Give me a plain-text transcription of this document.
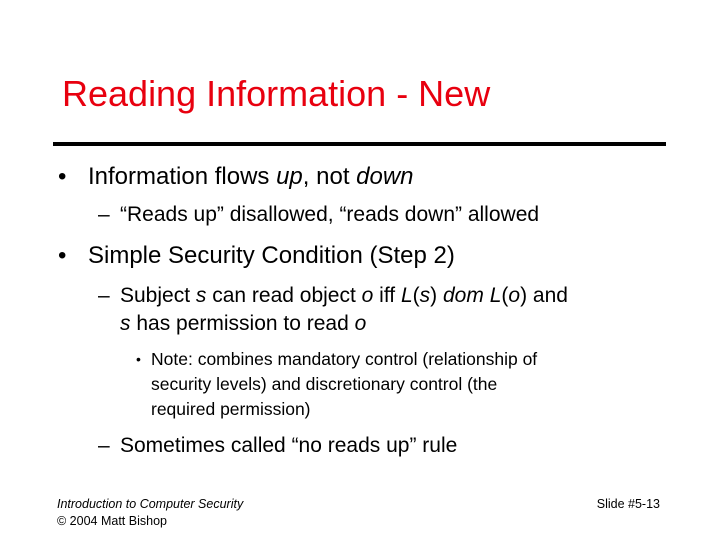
Reading Information - New
• Information flows up, not down

– “Reads up” disallowed, “reads down” allowed

• Simple Security Condition (Step 2)

– Subject s can read object o iff L(s) dom L(o) and

s has permission to read o

• Note: combines mandatory control (relationship of

security levels) and discretionary control (the

required permission)

– Sometimes called “no reads up” rule

Introduction to Computer Security
© 2004 Matt Bishop
Slide #5-13
